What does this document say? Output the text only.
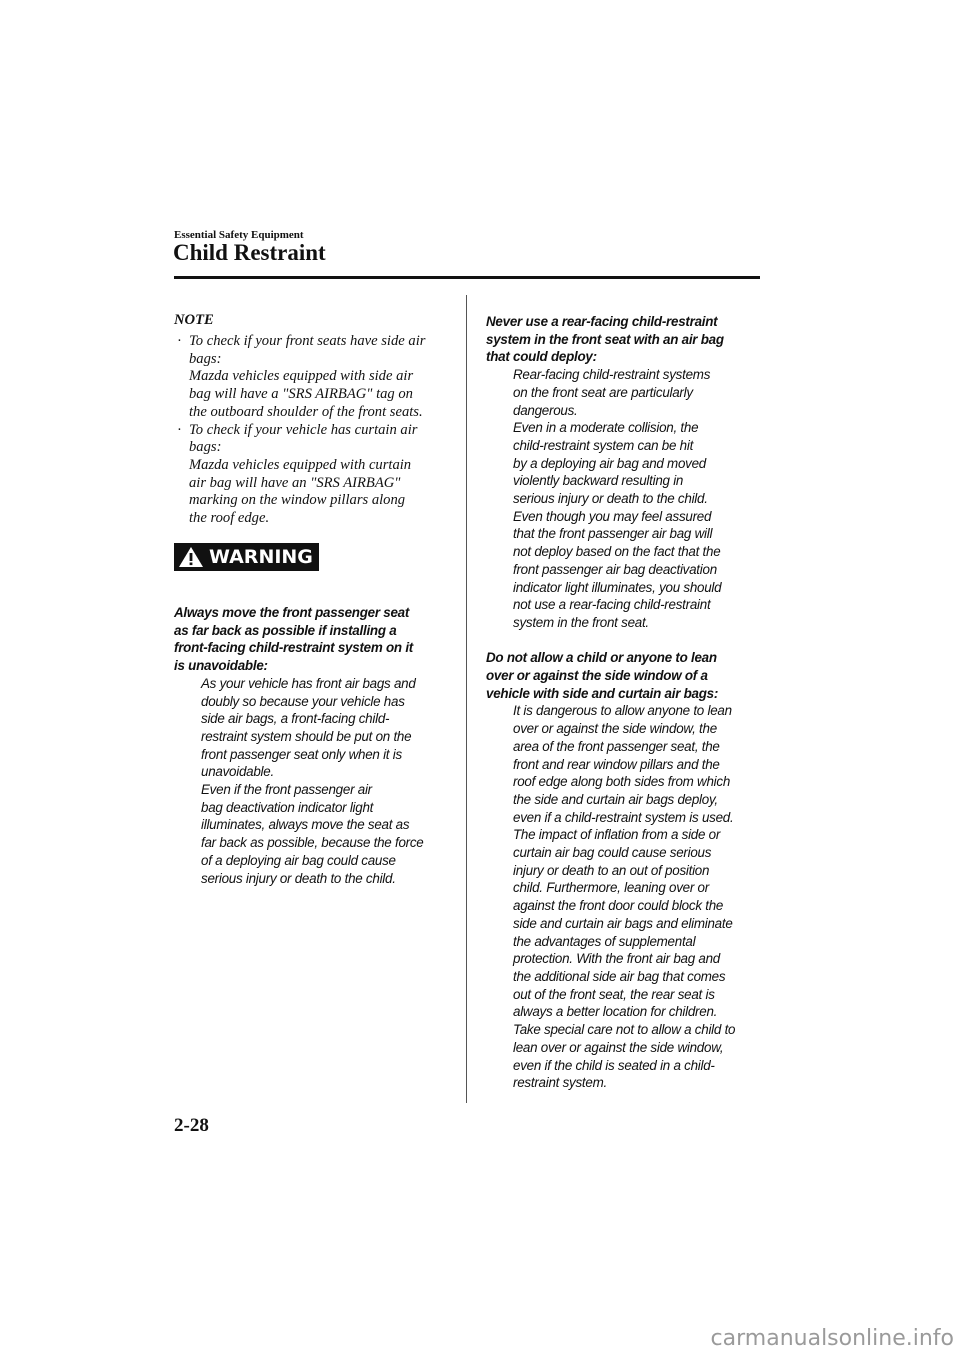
Essential Safety Equipment
Child Restraint
NOTE
· To check if your front seats have side air
bags:
Mazda vehicles equipped with side air
bag will have a "SRS AIRBAG" tag on
the outboard shoulder of the front seats.
· To check if your vehicle has curtain air
bags:
Mazda vehicles equipped with curtain
air bag will have an "SRS AIRBAG"
marking on the window pillars along
the roof edge.
WARNING
Always move the front passenger seat
as far back as possible if installing a
front-facing child-restraint system on it
is unavoidable:
As your vehicle has front air bags and
doubly so because your vehicle has
side air bags, a front-facing child-
restraint system should be put on the
front passenger seat only when it is
unavoidable.
Even if the front passenger air
bag deactivation indicator light
illuminates, always move the seat as
far back as possible, because the force
of a deploying air bag could cause
serious injury or death to the child.
Never use a rear-facing child-restraint
system in the front seat with an air bag
that could deploy:
Rear-facing child-restraint systems
on the front seat are particularly
dangerous.
Even in a moderate collision, the
child-restraint system can be hit
by a deploying air bag and moved
violently backward resulting in
serious injury or death to the child.
Even though you may feel assured
that the front passenger air bag will
not deploy based on the fact that the
front passenger air bag deactivation
indicator light illuminates, you should
not use a rear-facing child-restraint
system in the front seat.
Do not allow a child or anyone to lean
over or against the side window of a
vehicle with side and curtain air bags:
It is dangerous to allow anyone to lean
over or against the side window, the
area of the front passenger seat, the
front and rear window pillars and the
roof edge along both sides from which
the side and curtain air bags deploy,
even if a child-restraint system is used.
The impact of inflation from a side or
curtain air bag could cause serious
injury or death to an out of position
child. Furthermore, leaning over or
against the front door could block the
side and curtain air bags and eliminate
the advantages of supplemental
protection. With the front air bag and
the additional side air bag that comes
out of the front seat, the rear seat is
always a better location for children.
Take special care not to allow a child to
lean over or against the side window,
even if the child is seated in a child-
restraint system.
2-28
carmanualsonline.info
